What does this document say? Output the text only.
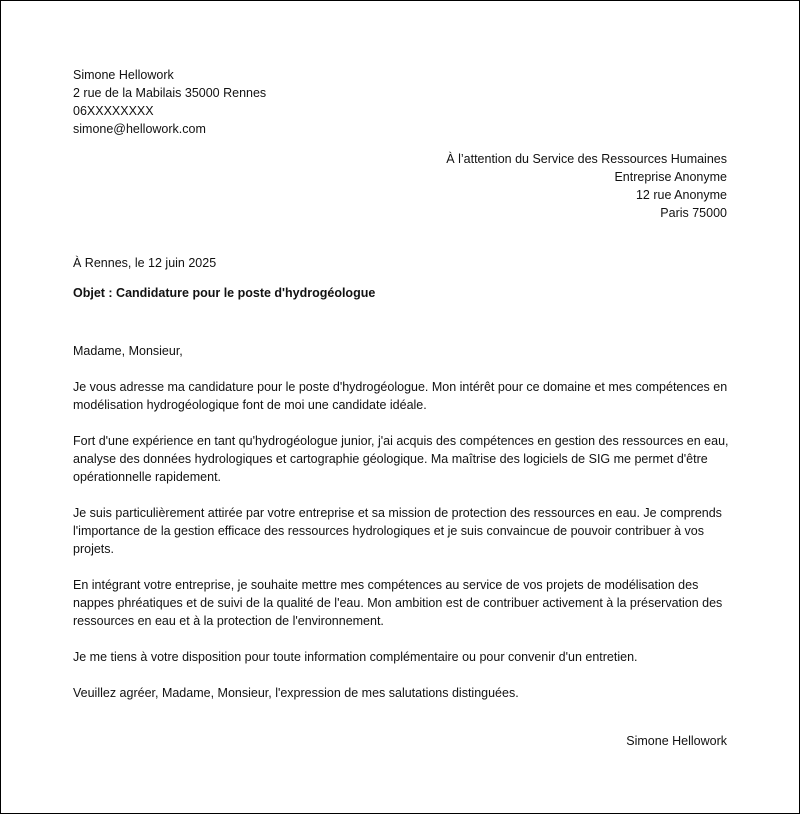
Simone Hellowork
2 rue de la Mabilais 35000 Rennes
06XXXXXXXX
simone@hellowork.com
À l’attention du Service des Ressources Humaines
Entreprise Anonyme
12 rue Anonyme
Paris 75000
À Rennes, le 12 juin 2025
Objet : Candidature pour le poste d'hydrogéologue

Madame, Monsieur,

Je vous adresse ma candidature pour le poste d'hydrogéologue. Mon intérêt pour ce domaine et mes compétences en modélisation hydrogéologique font de moi une candidate idéale.

Fort d'une expérience en tant qu'hydrogéologue junior, j'ai acquis des compétences en gestion des ressources en eau, analyse des données hydrologiques et cartographie géologique. Ma maîtrise des logiciels de SIG me permet d'être opérationnelle rapidement.

Je suis particulièrement attirée par votre entreprise et sa mission de protection des ressources en eau. Je comprends l'importance de la gestion efficace des ressources hydrologiques et je suis convaincue de pouvoir contribuer à vos projets.

En intégrant votre entreprise, je souhaite mettre mes compétences au service de vos projets de modélisation des nappes phréatiques et de suivi de la qualité de l'eau. Mon ambition est de contribuer activement à la préservation des ressources en eau et à la protection de l'environnement.

Je me tiens à votre disposition pour toute information complémentaire ou pour convenir d'un entretien.

Veuillez agréer, Madame, Monsieur, l'expression de mes salutations distinguées.

Simone Hellowork
